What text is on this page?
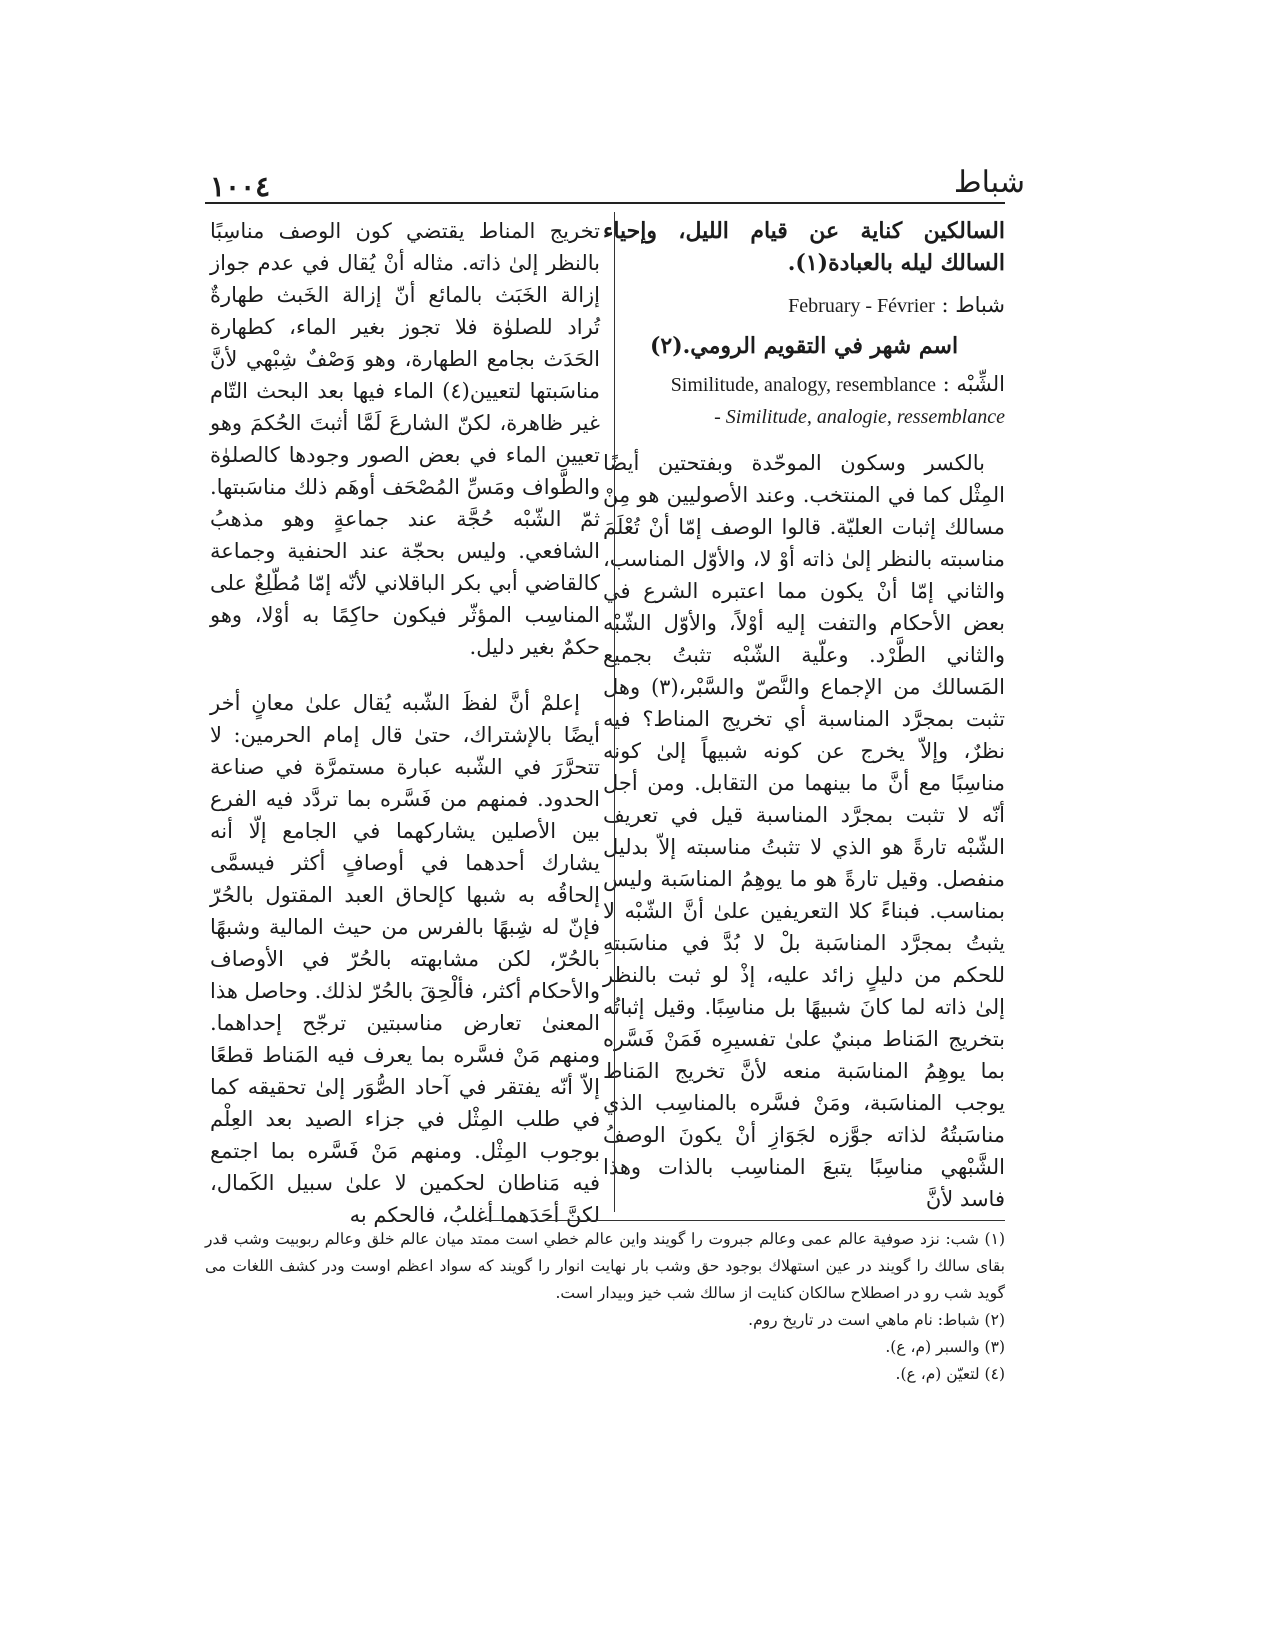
شباط
١٠٠٤

السالكين كناية عن قيام الليل، وإحياء السالك ليله بالعبادة(١).

شباط : February - Février

اسم شهر في التقويم الرومي.(٢)

الشِّبْه : Similitude, analogy, resemblance

- Similitude, analogie, ressemblance

بالكسر وسكون الموحّدة وبفتحتين أيضًا المِثْل كما في المنتخب. وعند الأصوليين هو مِنْ مسالك إثبات العليّة. قالوا الوصف إمّا أنْ تُعْلَمَ مناسبته بالنظر إلىٰ ذاته أوْ لا، والأوّل المناسب، والثاني إمّا أنْ يكون مما اعتبره الشرع في بعض الأحكام والتفت إليه أوْلاً، والأوّل الشّبْه والثاني الطَّرْد. وعلّية الشّبْه تثبتُ بجميع المَسالك من الإجماع والنَّصّ والسَّبْر،(٣) وهل تثبت بمجرَّد المناسبة أي تخريج المناط؟ فيه نظرٌ، وإلاّ يخرج عن كونه شبيهاً إلىٰ كونه مناسِبًا مع أنَّ ما بينهما من التقابل. ومن أجل أنّه لا تثبت بمجرَّد المناسبة قيل في تعريف الشّبْه تارةً هو الذي لا تثبتُ مناسبته إلاّ بدليل منفصل. وقيل تارةً هو ما يوهِمُ المناسَبة وليس بمناسب. فبناءً كلا التعريفين علىٰ أنَّ الشّبْه لا يثبتُ بمجرَّد المناسَبة بلْ لا بُدَّ في مناسَبتهِ للحكم من دليلٍ زائد عليه، إذْ لو ثبت بالنظر إلىٰ ذاته لما كانَ شبيهًا بل مناسِبًا. وقيل إثباتُه بتخريج المَناط مبنيٌ علىٰ تفسيرِه فَمَنْ فَسَّره بما يوهِمُ المناسَبة منعه لأنَّ تخريج المَناط يوجب المناسَبة، ومَنْ فسَّره بالمناسِب الذي مناسَبتُهُ لذاته جوَّزه لجَوَازِ أنْ يكونَ الوصفُ الشَّبْهي مناسِبًا يتبعَ المناسِب بالذات وهذا فاسد لأنَّ

تخريج المناط يقتضي كون الوصف مناسِبًا بالنظر إلىٰ ذاته. مثاله أنْ يُقال في عدم جواز إزالة الخَبَث بالمائع أنّ إزالة الخَبث طهارةٌ تُراد للصلوٰة فلا تجوز بغير الماء، كطهارة الحَدَث بجامع الطهارة، وهو وَصْفٌ شِبْهي لأنَّ مناسَبتها لتعيين(٤) الماء فيها بعد البحث التّام غير ظاهرة، لكنّ الشارعَ لَمَّا أثبتَ الحُكمَ وهو تعيين الماء في بعض الصور وجودها كالصلوٰة والطَّواف ومَسِّ المُصْحَف أوهَم ذلك مناسَبتها. ثمّ الشّبْه حُجَّة عند جماعةٍ وهو مذهبُ الشافعي. وليس بحجّة عند الحنفية وجماعة كالقاضي أبي بكر الباقلاني لأنّه إمّا مُطّلِعٌ على المناسِب المؤثّر فيكون حاكِمًا به أوْلا، وهو حكمٌ بغير دليل.

إعلمْ أنَّ لفظَ الشّبه يُقال علىٰ معانٍ أخر أيضًا بالإشتراك، حتىٰ قال إمام الحرمين: لا تتحرَّرَ في الشّبه عبارة مستمرَّة في صناعة الحدود. فمنهم من فَسَّره بما تردَّد فيه الفرع بين الأصلين يشاركهما في الجامع إلّا أنه يشارك أحدهما في أوصافٍ أكثر فيسمَّى إلحاقُه به شبها كإلحاق العبد المقتول بالحُرّ فإنّ له شِبهًا بالفرس من حيث المالية وشبهًا بالحُرّ، لكن مشابهته بالحُرّ في الأوصاف والأحكام أكثر، فألْحِقَ بالحُرّ لذلك. وحاصل هذا المعنىٰ تعارض مناسبتين ترجّح إحداهما. ومنهم مَنْ فسَّره بما يعرف فيه المَناط قطعًا إلاّ أنّه يفتقر في آحاد الصُّوَر إلىٰ تحقيقه كما في طلب المِثْل في جزاء الصيد بعد العِلْم بوجوب المِثْل. ومنهم مَنْ فَسَّره بما اجتمع فيه مَناطان لحكمين لا علىٰ سبيل الكَمال، لكنَّ أحَدَهما أغلبُ، فالحكم به

(١) شب: نزد صوفية عالم عمى وعالم جبروت را گويند واين عالم خطي است ممتد ميان عالم خلق وعالم ربوبيت وشب قدر بقاى سالك را گويند در عين استهلاك بوجود حق وشب بار نهايت انوار را گويند كه سواد اعظم اوست ودر كشف اللغات مى گويد شب رو در اصطلاح سالكان كنايت از سالك شب خيز وبيدار است.

(٢) شباط: نام ماهي است در تاريخ روم.

(٣) والسبر (م، ع).

(٤) لتعيّن (م، ع).
